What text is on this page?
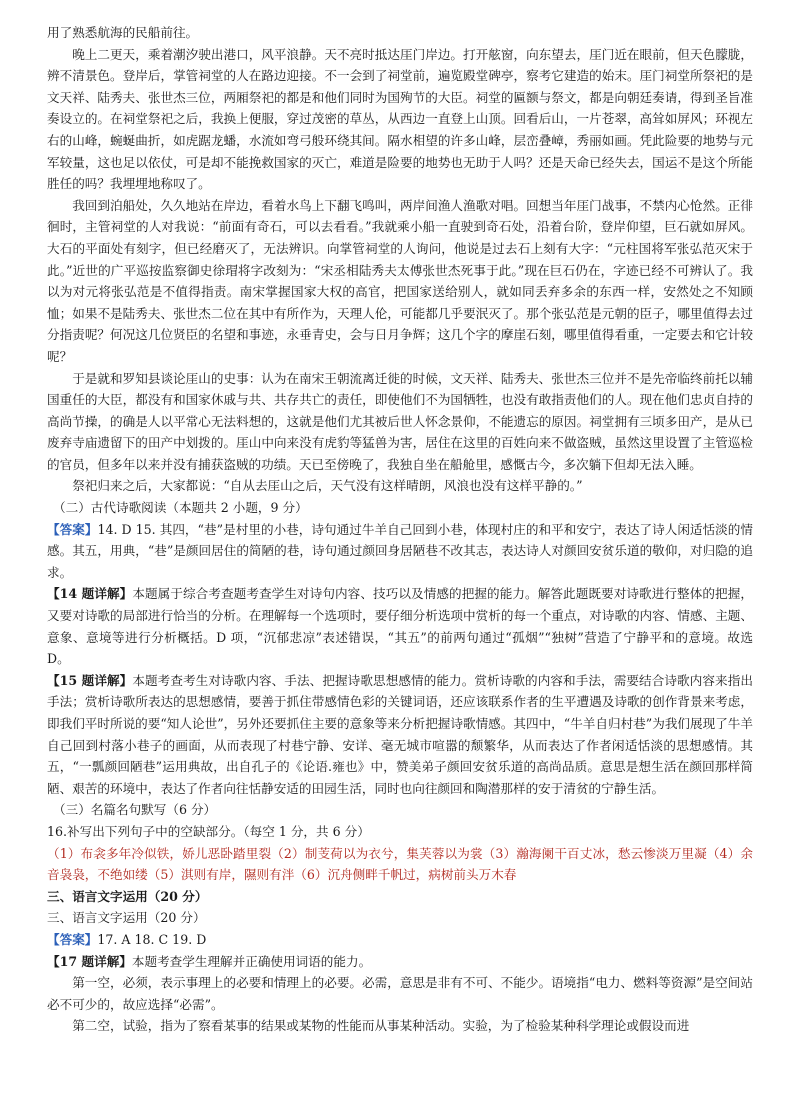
用了熟悉航海的民船前往。

晚上二更天，乘着潮汐驶出港口，风平浪静。天不亮时抵达厓门岸边。打开舷窗，向东望去，厓门近在眼前，但天色朦胧，辨不清景色。登岸后，掌管祠堂的人在路边迎接。不一会到了祠堂前，遍览殿堂碑亭，察考它建造的始末。厓门祠堂所祭祀的是文天祥、陆秀夫、张世杰三位，两厢祭祀的都是和他们同时为国殉节的大臣。祠堂的匾额与祭文，都是向朝廷奏请，得到圣旨准奏设立的。在祠堂祭祀之后，我换上便服，穿过茂密的草丛，从西边一直登上山顶。回看后山，一片苍翠，高耸如屏风；环视左右的山峰，蜿蜒曲折，如虎踞龙蟠，水流如弯弓般环绕其间。隔水相望的许多山峰，层峦叠嶂，秀丽如画。凭此险要的地势与元军较量，这也足以依仗，可是却不能挽救国家的灭亡，难道是险要的地势也无助于人吗？还是天命已经失去，国运不是这个所能胜任的吗？我埋埋地称叹了。

我回到泊船处，久久地站在岸边，看着水鸟上下翻飞鸣叫，两岸间渔人渔歌对唱。回想当年厓门战事，不禁内心怆然。正徘徊时，主管祠堂的人对我说：“前面有奇石，可以去看看。”我就乘小船一直驶到奇石处，沿着台阶，登岸仰望，巨石就如屏风。大石的平面处有刻字，但已经磨灭了，无法辨识。向掌管祠堂的人询问，他说是过去石上刻有大字：“元柱国将军张弘范灭宋于此。”近世的广平巡按监察御史徐瑁将字改刻为：“宋丞相陆秀夫太傅张世杰死事于此。”现在巨石仍在，字迹已经不可辨认了。我以为对元将张弘范是不值得指责。南宋掌握国家大权的高官，把国家送给别人，就如同丢弃多余的东西一样，安然处之不知顾恤；如果不是陆秀夫、张世杰二位在其中有所作为，天理人伦，可能都几乎要泯灭了。那个张弘范是元朝的臣子，哪里值得去过分指责呢？何况这几位贤臣的名望和事迹，永垂青史，会与日月争辉；这几个字的摩崖石刻，哪里值得看重，一定要去和它计较呢？

于是就和罗知县谈论厓山的史事：认为在南宋王朝流离迁徙的时候，文天祥、陆秀夫、张世杰三位并不是先帝临终前托以辅国重任的大臣，都没有和国家休戚与共、共存共亡的责任，即使他们不为国牺牲，也没有敢指责他们的人。现在他们忠贞自持的高尚节操，的确是人以平常心无法料想的，这就是他们尤其被后世人怀念景仰，不能遗忘的原因。祠堂拥有三顷多田产，是从已废弃寺庙遗留下的田产中划拨的。厓山中向来没有虎豹等猛兽为害，居住在这里的百姓向来不做盗贼，虽然这里设置了主管巡检的官员，但多年以来并没有捕获盗贼的功绩。天已至傍晚了，我独自坐在船舱里，感慨古今，多次躺下但却无法入睡。

祭祀归来之后，大家都说：“自从去厓山之后，天气没有这样晴朗，风浪也没有这样平静的。”

（二）古代诗歌阅读（本题共 2 小题，9 分）

【答案】14. D 15. 其四，“巷”是村里的小巷，诗句通过牛羊自己回到小巷，体现村庄的和平和安宁，表达了诗人闲适恬淡的情感。其五，用典，“巷”是颜回居住的简陋的巷，诗句通过颜回身居陋巷不改其志，表达诗人对颜回安贫乐道的敬仰，对归隐的追求。

【14 题详解】本题属于综合考查题考查学生对诗句内容、技巧以及情感的把握的能力。解答此题既要对诗歌进行整体的把握，又要对诗歌的局部进行恰当的分析。在理解每一个选项时，要仔细分析选项中赏析的每一个重点，对诗歌的内容、情感、主题、意象、意境等进行分析概括。D 项，“沉郁悲凉”表述错误，“其五”的前两句通过“孤烟”“独树”营造了宁静平和的意境。故选 D。

【15 题详解】本题考查考生对诗歌内容、手法、把握诗歌思想感情的能力。赏析诗歌的内容和手法，需要结合诗歌内容来指出手法；赏析诗歌所表达的思想感情，要善于抓住带感情色彩的关键词语，还应该联系作者的生平遭遇及诗歌的创作背景来考虑，即我们平时所说的要“知人论世”，另外还要抓住主要的意象等来分析把握诗歌情感。其四中，“牛羊自归村巷”为我们展现了牛羊自己回到村落小巷子的画面，从而表现了村巷宁静、安详、毫无城市喧嚣的颓繁华，从而表达了作者闲适恬淡的思想感情。其五，“一瓢颜回陋巷”运用典故，出自孔子的《论语.雍也》中，赞美弟子颜回安贫乐道的高尚品质。意思是想生活在颜回那样简陋、艰苦的环境中，表达了作者向往恬静安适的田园生活，同时也向往颜回和陶潜那样的安于清贫的宁静生活。

（三）名篇名句默写（6 分）

16.补写出下列句子中的空缺部分。（每空 1 分，共 6 分）

（1）布衾多年冷似铁，娇儿恶卧踏里裂（2）制芰荷以为衣兮，集芙蓉以为裳（3）瀚海阑干百丈冰，愁云惨淡万里凝（4）余音袅袅，不绝如缕（5）淇则有岸，隰则有泮（6）沉舟侧畔千帆过，病树前头万木春

三、语言文字运用（20 分）

三、语言文字运用（20 分）

【答案】17. A 18. C 19. D

【17 题详解】本题考查学生理解并正确使用词语的能力。

第一空，必须，表示事理上的必要和情理上的必要。必需，意思是非有不可、不能少。语境指“电力、燃料等资源”是空间站必不可少的，故应选择“必需”。

第二空，试验，指为了察看某事的结果或某物的性能而从事某种活动。实验，为了检验某种科学理论或假设而进
